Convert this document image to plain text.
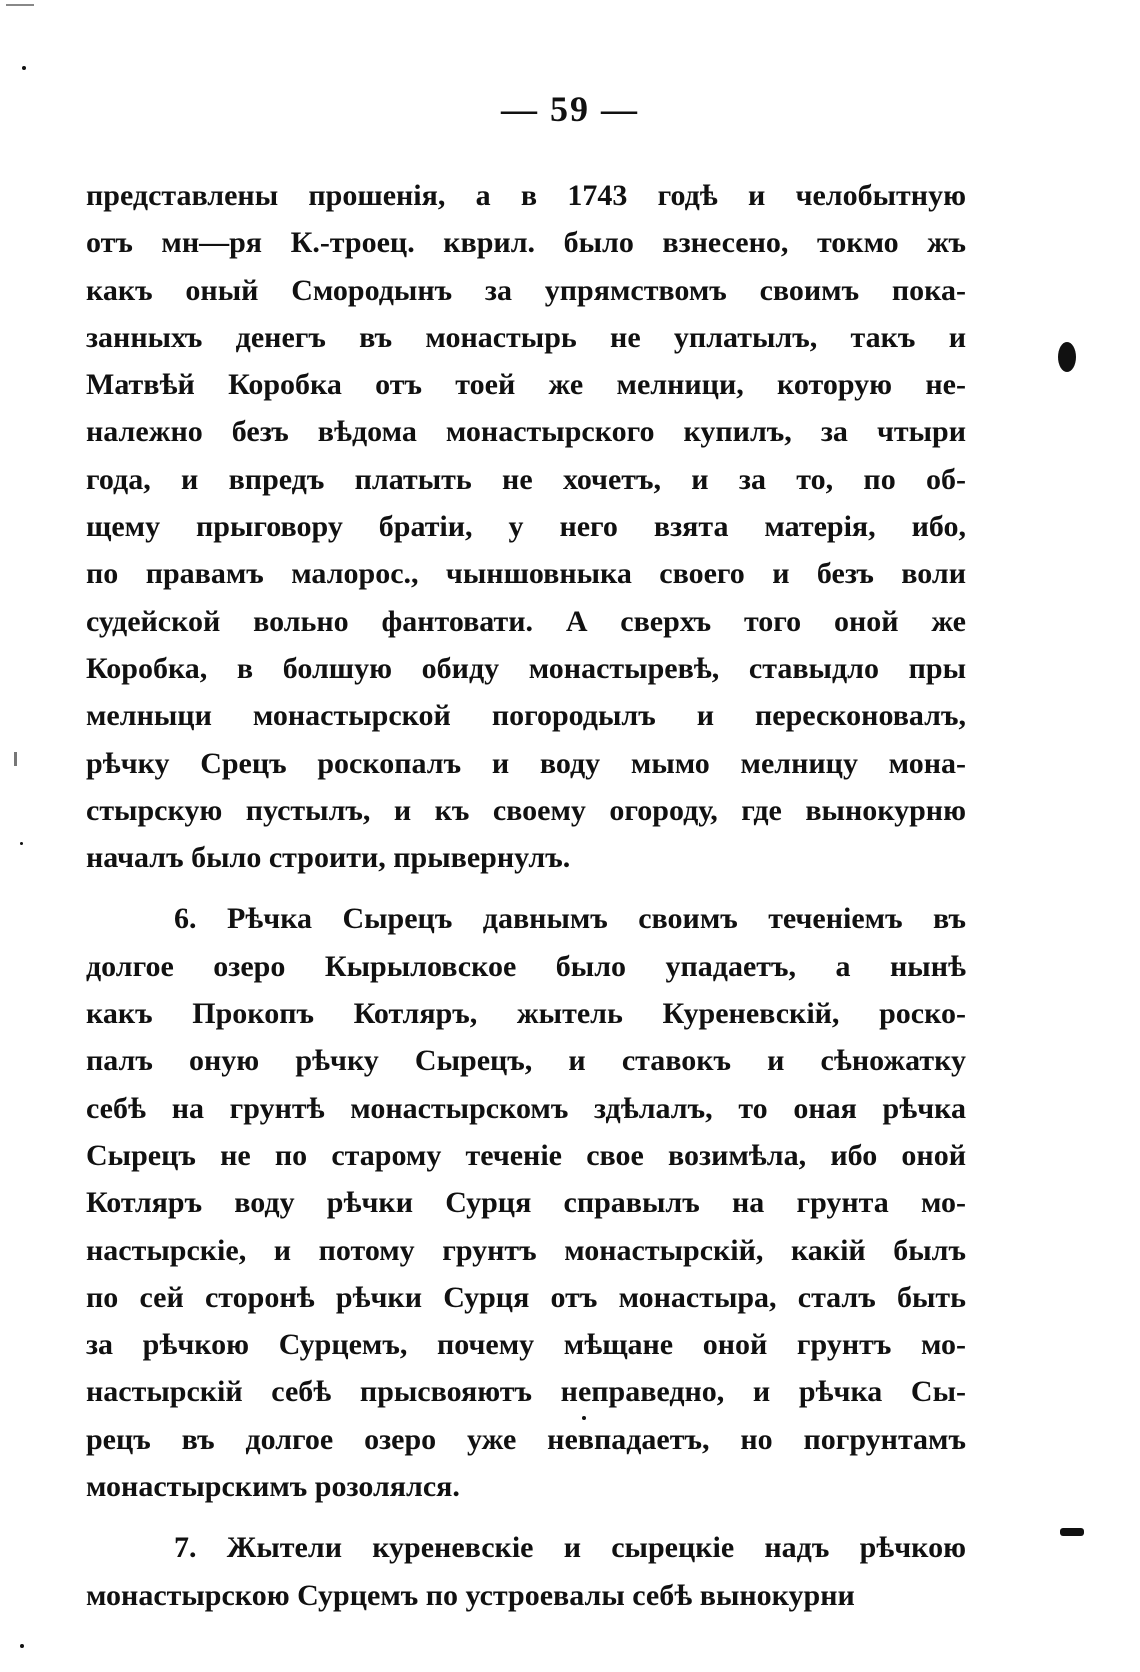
— 59 —
представлены прошенія, а в 1743 годѣ и челобытную
отъ мн—ря К.-троец. кврил. было взнесено, токмо жъ
какъ оный Смородынъ за упрямствомъ своимъ пока-
занныхъ денегъ въ монастырь не уплатылъ, такъ и
Матвѣй Коробка отъ тоей же мелници, которую не-
належно безъ вѣдома монастырского купилъ, за чтыри
года, и впредъ платыть не хочетъ, и за то, по об-
щему прыговору братіи, у него взята матерія, ибо,
по правамъ малорос., чыншовныка своего и безъ воли
судейской вольно фантовати. А сверхъ того оной же
Коробка, в болшую обиду монастыревѣ, ставыдло пры
мелныци монастырской погородылъ и пересконовалъ,
рѣчку Срецъ роскопалъ и воду мымо мелницу мона-
стырскую пустылъ, и къ своему огороду, где вынокурню
началъ было строити, прывернулъ.
6. Рѣчка Сырецъ давнымъ своимъ теченіемъ въ
долгое озеро Кырыловское было упадаетъ, а нынѣ
какъ Прокопъ Котляръ, жытель Куреневскій, роско-
палъ оную рѣчку Сырецъ, и ставокъ и сѣножатку
себѣ на грунтѣ монастырскомъ здѣлалъ, то оная рѣчка
Сырецъ не по старому теченіе свое возимѣла, ибо оной
Котляръ воду рѣчки Сурця справылъ на грунта мо-
настырскіе, и потому грунтъ монастырскій, какій былъ
по сей сторонѣ рѣчки Сурця отъ монастыра, сталъ быть
за рѣчкою Сурцемъ, почему мѣщане оной грунтъ мо-
настырскій себѣ прысвояютъ неправедно, и рѣчка Сы-
рецъ въ долгое озеро уже невпадаетъ, но погрунтамъ
монастырскимъ розолялся.
7. Жытели куреневскіе и сырецкіе надъ рѣчкою
монастырскою Сурцемъ по устроевалы себѣ вынокурни
